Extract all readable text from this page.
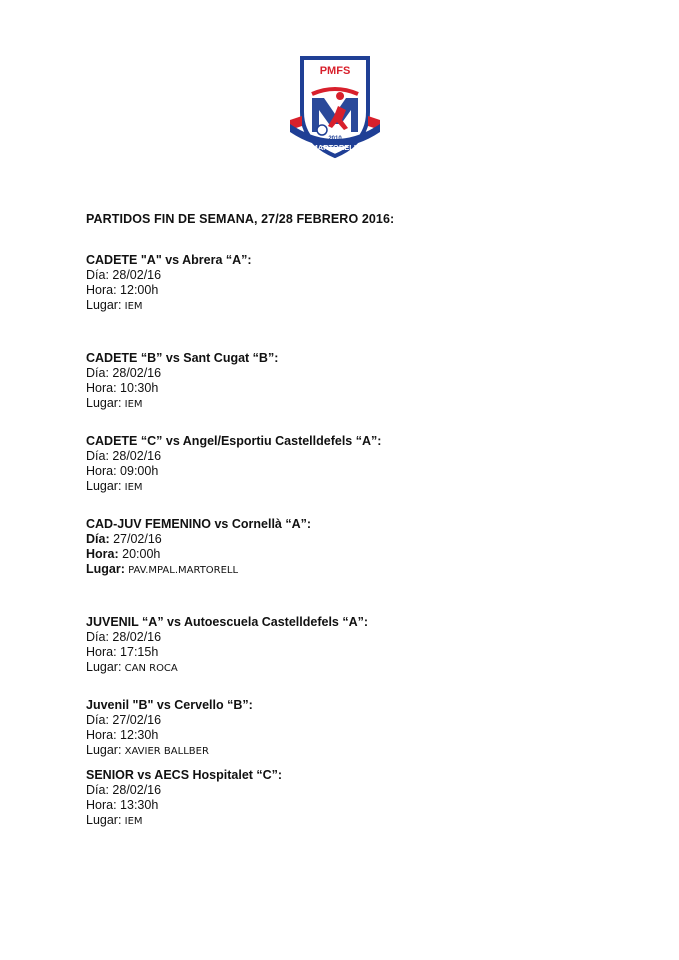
PMFS
2010
MARTORELL
PARTIDOS FIN DE SEMANA, 27/28 FEBRERO 2016:
CADETE "A" vs Abrera “A”:
Día: 28/02/16
Hora: 12:00h
Lugar: IEM
CADETE “B” vs Sant Cugat “B”:
Día: 28/02/16
Hora: 10:30h
Lugar: IEM
CADETE “C” vs Angel/Esportiu Castelldefels “A”:
Día: 28/02/16
Hora: 09:00h
Lugar: IEM
CAD-JUV FEMENINO vs Cornellà “A”:
Día: 27/02/16
Hora: 20:00h
Lugar: PAV.MPAL.MARTORELL
JUVENIL “A” vs Autoescuela Castelldefels “A”:
Día: 28/02/16
Hora: 17:15h
Lugar: CAN ROCA
Juvenil "B" vs Cervello “B”:
Día: 27/02/16
Hora: 12:30h
Lugar: XAVIER BALLBER
SENIOR vs AECS Hospitalet “C”:
Día: 28/02/16
Hora: 13:30h
Lugar: IEM
